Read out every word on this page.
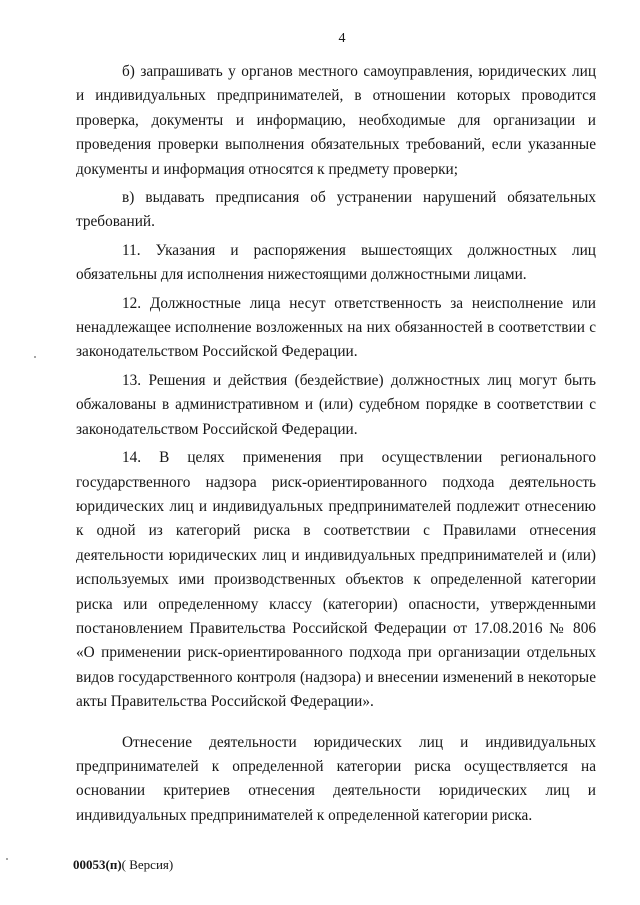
4

б) запрашивать у органов местного самоуправления, юридических лиц и индивидуальных предпринимателей, в отношении которых проводится проверка, документы и информацию, необходимые для организации и проведения проверки выполнения обязательных требований, если указанные документы и информация относятся к предмету проверки;

в) выдавать предписания об устранении нарушений обязательных требований.

11. Указания и распоряжения вышестоящих должностных лиц обязательны для исполнения нижестоящими должностными лицами.

12. Должностные лица несут ответственность за неисполнение или ненадлежащее исполнение возложенных на них обязанностей в соответствии с законодательством Российской Федерации.

13. Решения и действия (бездействие) должностных лиц могут быть обжалованы в административном и (или) судебном порядке в соответствии с законодательством Российской Федерации.

14. В целях применения при осуществлении регионального государственного надзора риск-ориентированного подхода деятельность юридических лиц и индивидуальных предпринимателей подлежит отнесению к одной из категорий риска в соответствии с Правилами отнесения деятельности юридических лиц и индивидуальных предпринимателей и (или) используемых ими производственных объектов к определенной категории риска или определенному классу (категории) опасности, утвержденными постановлением Правительства Российской Федерации от 17.08.2016 № 806 «О применении риск-ориентированного подхода при организации отдельных видов государственного контроля (надзора) и внесении изменений в некоторые акты Правительства Российской Федерации».

Отнесение деятельности юридических лиц и индивидуальных предпринимателей к определенной категории риска осуществляется на основании критериев отнесения деятельности юридических лиц и индивидуальных предпринимателей к определенной категории риска.

00053(п)( Версия)
